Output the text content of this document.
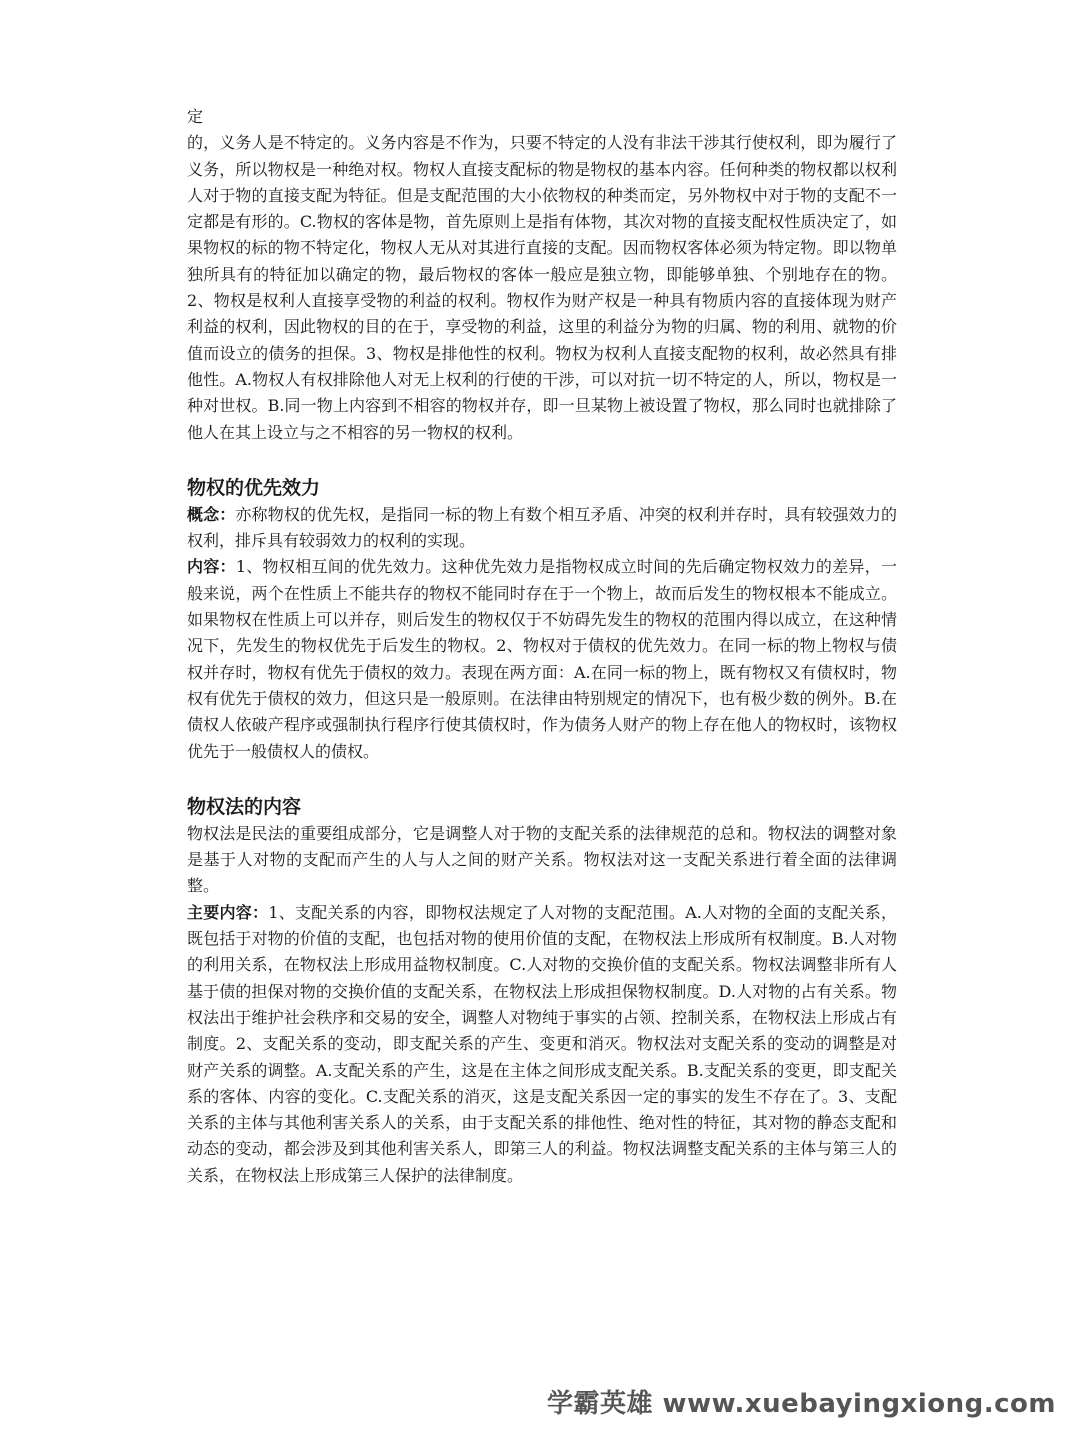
定

的，义务人是不特定的。义务内容是不作为，只要不特定的人没有非法干涉其行使权利，即为履行了义务，所以物权是一种绝对权。物权人直接支配标的物是物权的基本内容。任何种类的物权都以权利人对于物的直接支配为特征。但是支配范围的大小依物权的种类而定，另外物权中对于物的支配不一定都是有形的。C.物权的客体是物，首先原则上是指有体物，其次对物的直接支配权性质决定了，如果物权的标的物不特定化，物权人无从对其进行直接的支配。因而物权客体必须为特定物。即以物单独所具有的特征加以确定的物，最后物权的客体一般应是独立物，即能够单独、个别地存在的物。2、物权是权利人直接享受物的利益的权利。物权作为财产权是一种具有物质内容的直接体现为财产利益的权利，因此物权的目的在于，享受物的利益，这里的利益分为物的归属、物的利用、就物的价值而设立的债务的担保。3、物权是排他性的权利。物权为权利人直接支配物的权利，故必然具有排他性。A.物权人有权排除他人对无上权利的行使的干涉，可以对抗一切不特定的人，所以，物权是一种对世权。B.同一物上内容到不相容的物权并存，即一旦某物上被设置了物权，那么同时也就排除了他人在其上设立与之不相容的另一物权的权利。

物权的优先效力

概念：亦称物权的优先权，是指同一标的物上有数个相互矛盾、冲突的权利并存时，具有较强效力的权利，排斥具有较弱效力的权利的实现。

内容：1、物权相互间的优先效力。这种优先效力是指物权成立时间的先后确定物权效力的差异，一般来说，两个在性质上不能共存的物权不能同时存在于一个物上，故而后发生的物权根本不能成立。如果物权在性质上可以并存，则后发生的物权仅于不妨碍先发生的物权的范围内得以成立，在这种情况下，先发生的物权优先于后发生的物权。2、物权对于债权的优先效力。在同一标的物上物权与债权并存时，物权有优先于债权的效力。表现在两方面：A.在同一标的物上，既有物权又有债权时，物权有优先于债权的效力，但这只是一般原则。在法律由特别规定的情况下，也有极少数的例外。B.在债权人依破产程序或强制执行程序行使其债权时，作为债务人财产的物上存在他人的物权时，该物权优先于一般债权人的债权。

物权法的内容

物权法是民法的重要组成部分，它是调整人对于物的支配关系的法律规范的总和。物权法的调整对象是基于人对物的支配而产生的人与人之间的财产关系。物权法对这一支配关系进行着全面的法律调整。

主要内容：1、支配关系的内容，即物权法规定了人对物的支配范围。A.人对物的全面的支配关系，既包括于对物的价值的支配，也包括对物的使用价值的支配，在物权法上形成所有权制度。B.人对物的利用关系，在物权法上形成用益物权制度。C.人对物的交换价值的支配关系。物权法调整非所有人基于债的担保对物的交换价值的支配关系，在物权法上形成担保物权制度。D.人对物的占有关系。物权法出于维护社会秩序和交易的安全，调整人对物纯于事实的占领、控制关系，在物权法上形成占有制度。2、支配关系的变动，即支配关系的产生、变更和消灭。物权法对支配关系的变动的调整是对财产关系的调整。A.支配关系的产生，这是在主体之间形成支配关系。B.支配关系的变更，即支配关系的客体、内容的变化。C.支配关系的消灭，这是支配关系因一定的事实的发生不存在了。3、支配关系的主体与其他利害关系人的关系，由于支配关系的排他性、绝对性的特征，其对物的静态支配和动态的变动，都会涉及到其他利害关系人，即第三人的利益。物权法调整支配关系的主体与第三人的关系，在物权法上形成第三人保护的法律制度。

学霸英雄 www.xuebayingxiong.com
